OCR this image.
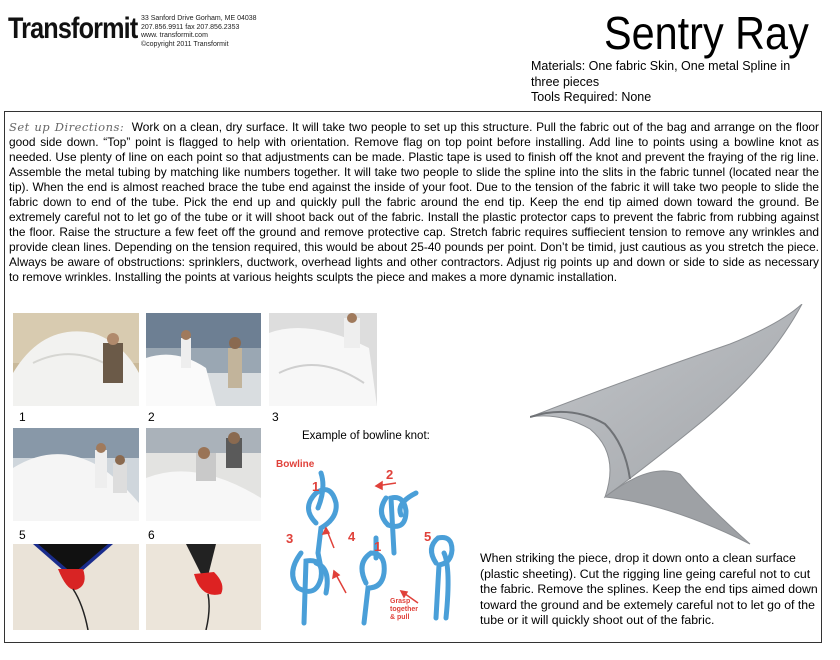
Transformit 33 Sanford Drive Gorham, ME 04038
207.856.9911 fax 207.856.2353
www. transformit.com
©copyright 2011 Transformit	Sentry Ray
Materials: One fabric Skin, One metal Spline in three pieces
Tools Required: None
Set up Directions: Work on a clean, dry surface. It will take two people to set up this structure. Pull the fabric out of the bag and arrange on the floor good side down. “Top” point is flagged to help with orientation. Remove flag on top point before installing. Add line to points using a bowline knot as needed. Use plenty of line on each point so that adjustments can be made. Plastic tape is used to finish off the knot and prevent the fraying of the rig line. Assemble the metal tubing by matching like numbers together. It will take two people to slide the spline into the slits in the fabric tunnel (located near the tip). When the end is almost reached brace the tube end against the inside of your foot. Due to the tension of the fabric it will take two people to slide the fabric down to end of the tube. Pick the end up and quickly pull the fabric around the end tip. Keep the end tip aimed down toward the ground. Be extremely careful not to let go of the tube or it will shoot back out of the fabric. Install the plastic protector caps to prevent the fabric from rubbing against the floor. Raise the structure a few feet off the ground and remove protective cap. Stretch fabric requires suffiecient tension to remove any wrinkles and provide clean lines. Depending on the tension required, this would be about 25-40 pounds per point. Don’t be timid, just cautious as you stretch the piece. Always be aware of obstructions: sprinklers, ductwork, overhead lights and other contractors. Adjust rig points up and down or side to side as necessary to remove wrinkles. Installing the points at various heights sculpts the piece and makes a more dynamic installation.
1	2	3
5	6
Example of bowline knot:
Bowline
1
2
3	4
1
5
Grasp
together
& pull
When striking the piece, drop it down onto a clean surface (plastic sheeting). Cut the rigging line geing careful not to cut the fabric. Remove the splines. Keep the end tips aimed down toward the ground and be extemely careful not to let go of the tube or it will quickly shoot out of the fabric.
